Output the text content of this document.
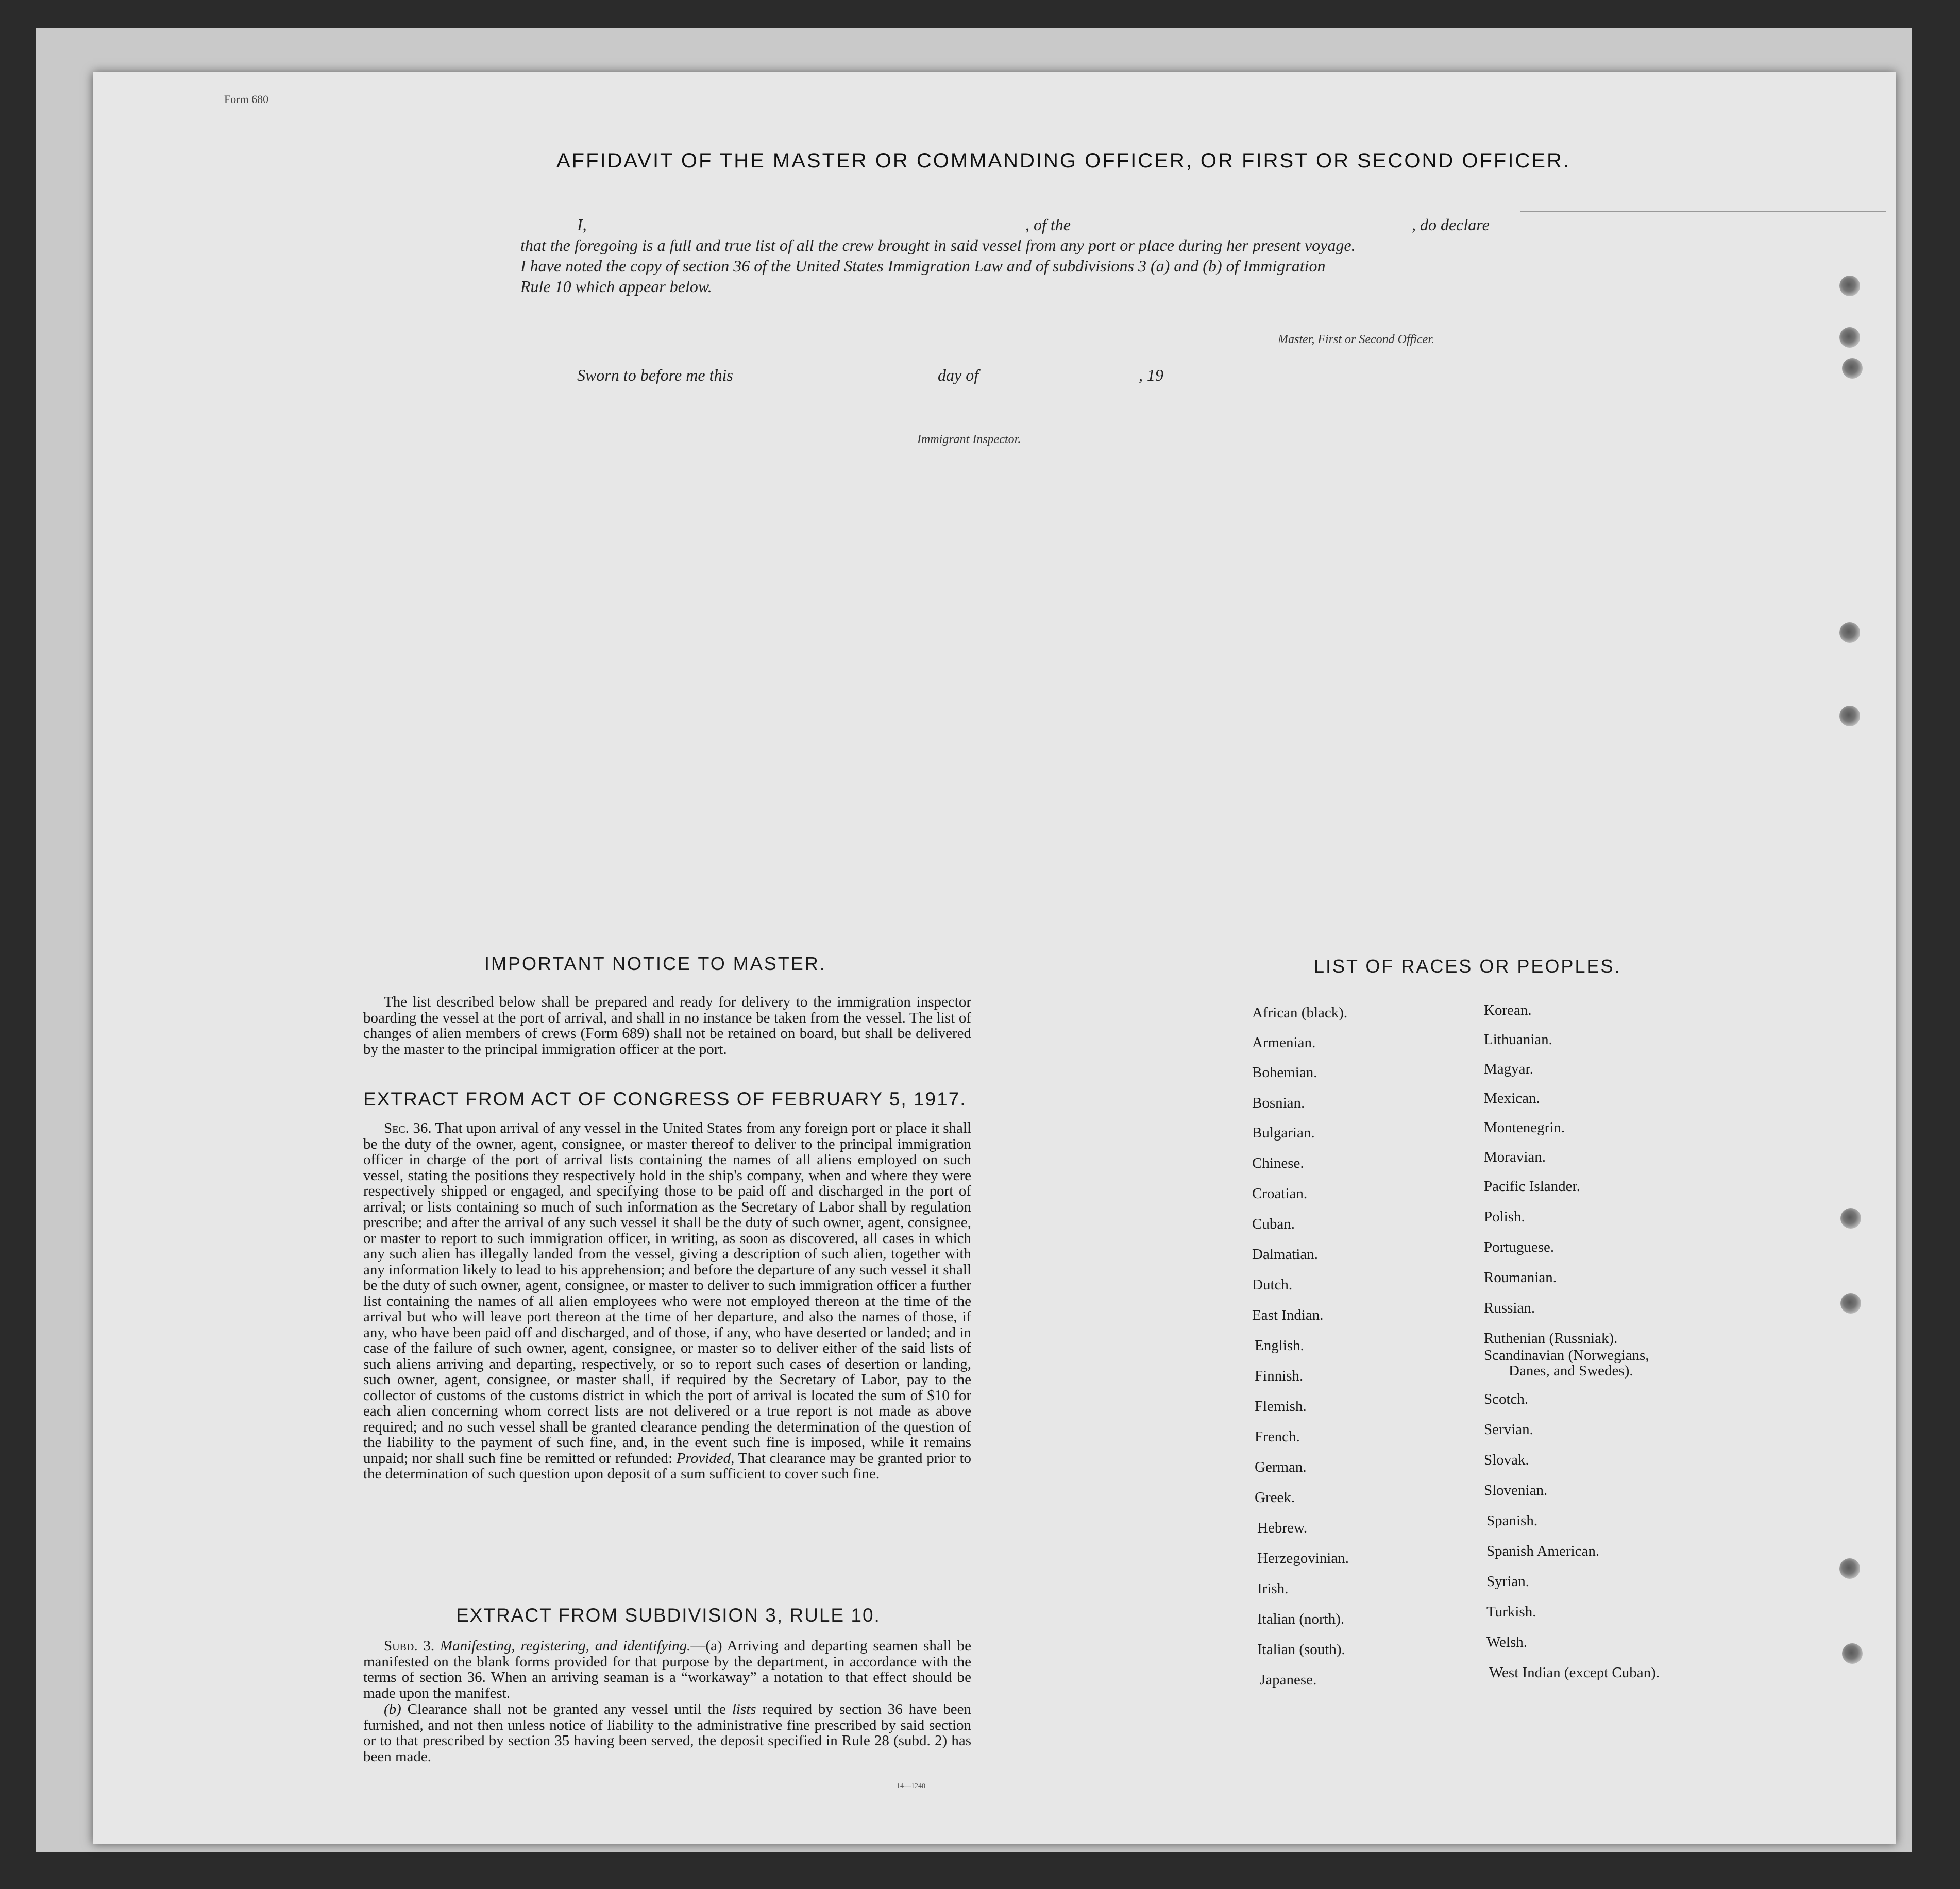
Form 680
AFFIDAVIT OF THE MASTER OR COMMANDING OFFICER, OR FIRST OR SECOND OFFICER.
I,	, of the	, do declare
that the foregoing is a full and true list of all the crew brought in said vessel from any port or place during her present voyage.
I have noted the copy of section 36 of the United States Immigration Law and of subdivisions 3 (a) and (b) of Immigration
Rule 10 which appear below.
Master, First or Second Officer.
Sworn to before me this	day of	, 19
Immigrant Inspector.
IMPORTANT NOTICE TO MASTER.
The list described below shall be prepared and ready for delivery to the immigration inspector boarding the vessel at the port of arrival, and shall in no instance be taken from the vessel. The list of changes of alien members of crews (Form 689) shall not be retained on board, but shall be delivered by the master to the principal immigration officer at the port.
EXTRACT FROM ACT OF CONGRESS OF FEBRUARY 5, 1917.
Sec. 36. That upon arrival of any vessel in the United States from any foreign port or place it shall be the duty of the owner, agent, consignee, or master thereof to deliver to the principal immigration officer in charge of the port of arrival lists containing the names of all aliens employed on such vessel, stating the positions they respectively hold in the ship's company, when and where they were respectively shipped or engaged, and specifying those to be paid off and discharged in the port of arrival; or lists containing so much of such information as the Secretary of Labor shall by regulation prescribe; and after the arrival of any such vessel it shall be the duty of such owner, agent, consignee, or master to report to such immigration officer, in writing, as soon as discovered, all cases in which any such alien has illegally landed from the vessel, giving a description of such alien, together with any information likely to lead to his apprehension; and before the departure of any such vessel it shall be the duty of such owner, agent, consignee, or master to deliver to such immigration officer a further list containing the names of all alien employees who were not employed thereon at the time of the arrival but who will leave port thereon at the time of her departure, and also the names of those, if any, who have been paid off and discharged, and of those, if any, who have deserted or landed; and in case of the failure of such owner, agent, consignee, or master so to deliver either of the said lists of such aliens arriving and departing, respectively, or so to report such cases of desertion or landing, such owner, agent, consignee, or master shall, if required by the Secretary of Labor, pay to the collector of customs of the customs district in which the port of arrival is located the sum of $10 for each alien concerning whom correct lists are not delivered or a true report is not made as above required; and no such vessel shall be granted clearance pending the determination of the question of the liability to the payment of such fine, and, in the event such fine is imposed, while it remains unpaid; nor shall such fine be remitted or refunded: Provided, That clearance may be granted prior to the determination of such question upon deposit of a sum sufficient to cover such fine.
EXTRACT FROM SUBDIVISION 3, RULE 10.
Subd. 3. Manifesting, registering, and identifying.—(a) Arriving and departing seamen shall be manifested on the blank forms provided for that purpose by the department, in accordance with the terms of section 36. When an arriving seaman is a “workaway” a notation to that effect should be made upon the manifest.
(b) Clearance shall not be granted any vessel until the lists required by section 36 have been furnished, and not then unless notice of liability to the administrative fine prescribed by said section or to that prescribed by section 35 having been served, the deposit specified in Rule 28 (subd. 2) has been made.
14—1240
LIST OF RACES OR PEOPLES.
African (black).
Armenian.
Bohemian.
Bosnian.
Bulgarian.
Chinese.
Croatian.
Cuban.
Dalmatian.
Dutch.
East Indian.
English.
Finnish.
Flemish.
French.
German.
Greek.
Hebrew.
Herzegovinian.
Irish.
Italian (north).
Italian (south).
Japanese.
Korean.
Lithuanian.
Magyar.
Mexican.
Montenegrin.
Moravian.
Pacific Islander.
Polish.
Portuguese.
Roumanian.
Russian.
Ruthenian (Russniak).
Scandinavian (Norwegians,
Danes, and Swedes).
Scotch.
Servian.
Slovak.
Slovenian.
Spanish.
Spanish American.
Syrian.
Turkish.
Welsh.
West Indian (except Cuban).
